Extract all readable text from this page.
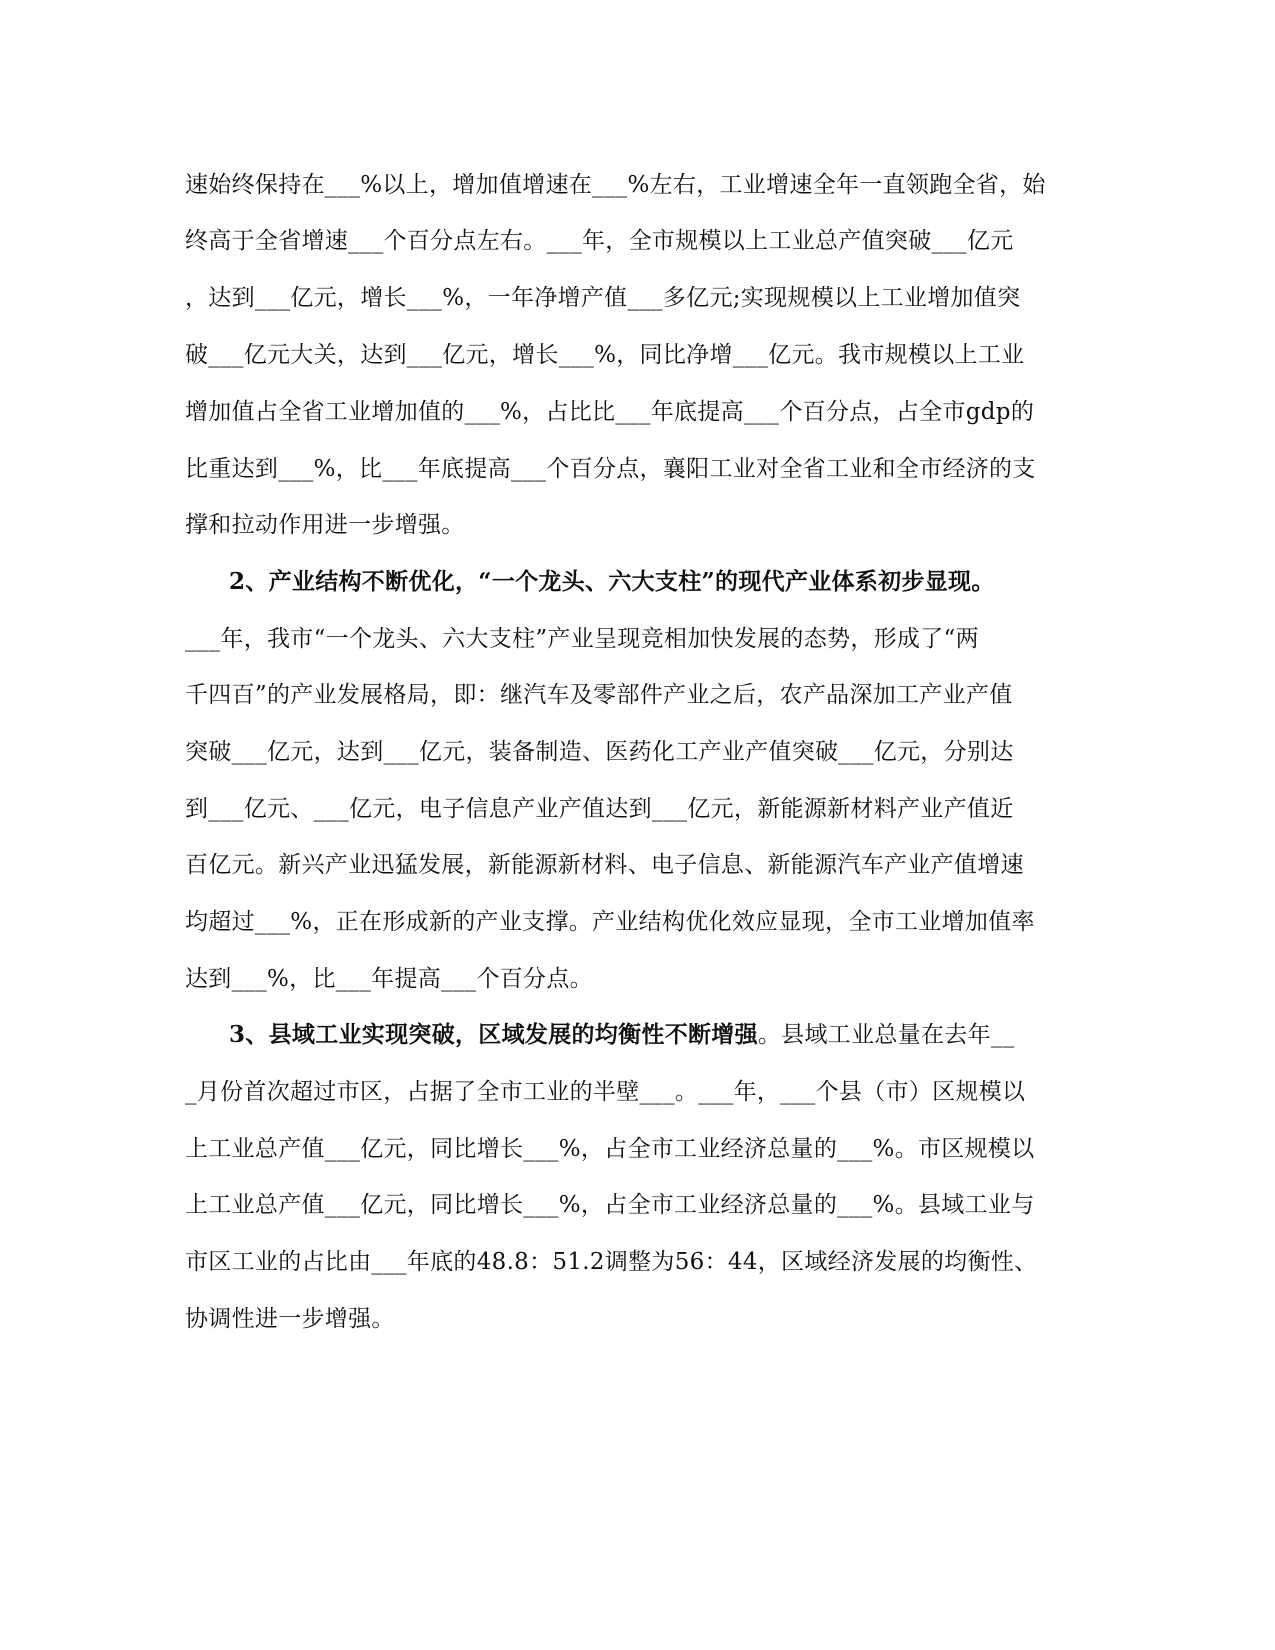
速始终保持在___%以上，增加值增速在___%左右，工业增速全年一直领跑全省，始
终高于全省增速___个百分点左右。___年，全市规模以上工业总产值突破___亿元
，达到___亿元，增长___%，一年净增产值___多亿元;实现规模以上工业增加值突
破___亿元大关，达到___亿元，增长___%，同比净增___亿元。我市规模以上工业
增加值占全省工业增加值的___%，占比比___年底提高___个百分点，占全市gdp的
比重达到___%，比___年底提高___个百分点，襄阳工业对全省工业和全市经济的支
撑和拉动作用进一步增强。
2、产业结构不断优化，“一个龙头、六大支柱”的现代产业体系初步显现。
___年，我市“一个龙头、六大支柱”产业呈现竞相加快发展的态势，形成了“两
千四百”的产业发展格局，即：继汽车及零部件产业之后，农产品深加工产业产值
突破___亿元，达到___亿元，装备制造、医药化工产业产值突破___亿元，分别达
到___亿元、___亿元，电子信息产业产值达到___亿元，新能源新材料产业产值近
百亿元。新兴产业迅猛发展，新能源新材料、电子信息、新能源汽车产业产值增速
均超过___%，正在形成新的产业支撑。产业结构优化效应显现，全市工业增加值率
达到___%，比___年提高___个百分点。
3、县域工业实现突破，区域发展的均衡性不断增强。县域工业总量在去年__
_月份首次超过市区，占据了全市工业的半壁___。___年，___个县（市）区规模以
上工业总产值___亿元，同比增长___%，占全市工业经济总量的___%。市区规模以
上工业总产值___亿元，同比增长___%，占全市工业经济总量的___%。县域工业与
市区工业的占比由___年底的48.8：51.2调整为56：44，区域经济发展的均衡性、
协调性进一步增强。
